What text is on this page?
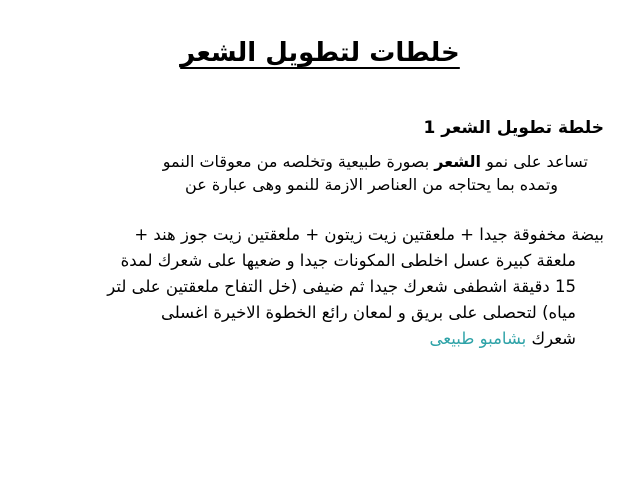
خلطات لتطويل الشعر
خلطة تطويل الشعر 1

تساعد على نمو الشعر بصورة طبيعية وتخلصه من معوقات النمو
وتمده بما يحتاجه من العناصر الازمة للنمو وهى عبارة عن

بيضة مخفوقة جيدا + ملعقتين زيت زيتون + ملعقتين زيت جوز هند +
ملعقة كبيرة عسل اخلطى المكونات جيدا و ضعيها على شعرك لمدة
15 دقيقة اشطفى شعرك جيدا ثم ضيفى (خل التفاح ملعقتين على لتر
مياه) لتحصلى على بريق و لمعان رائع الخطوة الاخيرة اغسلى
شعرك بشامبو طبيعى
